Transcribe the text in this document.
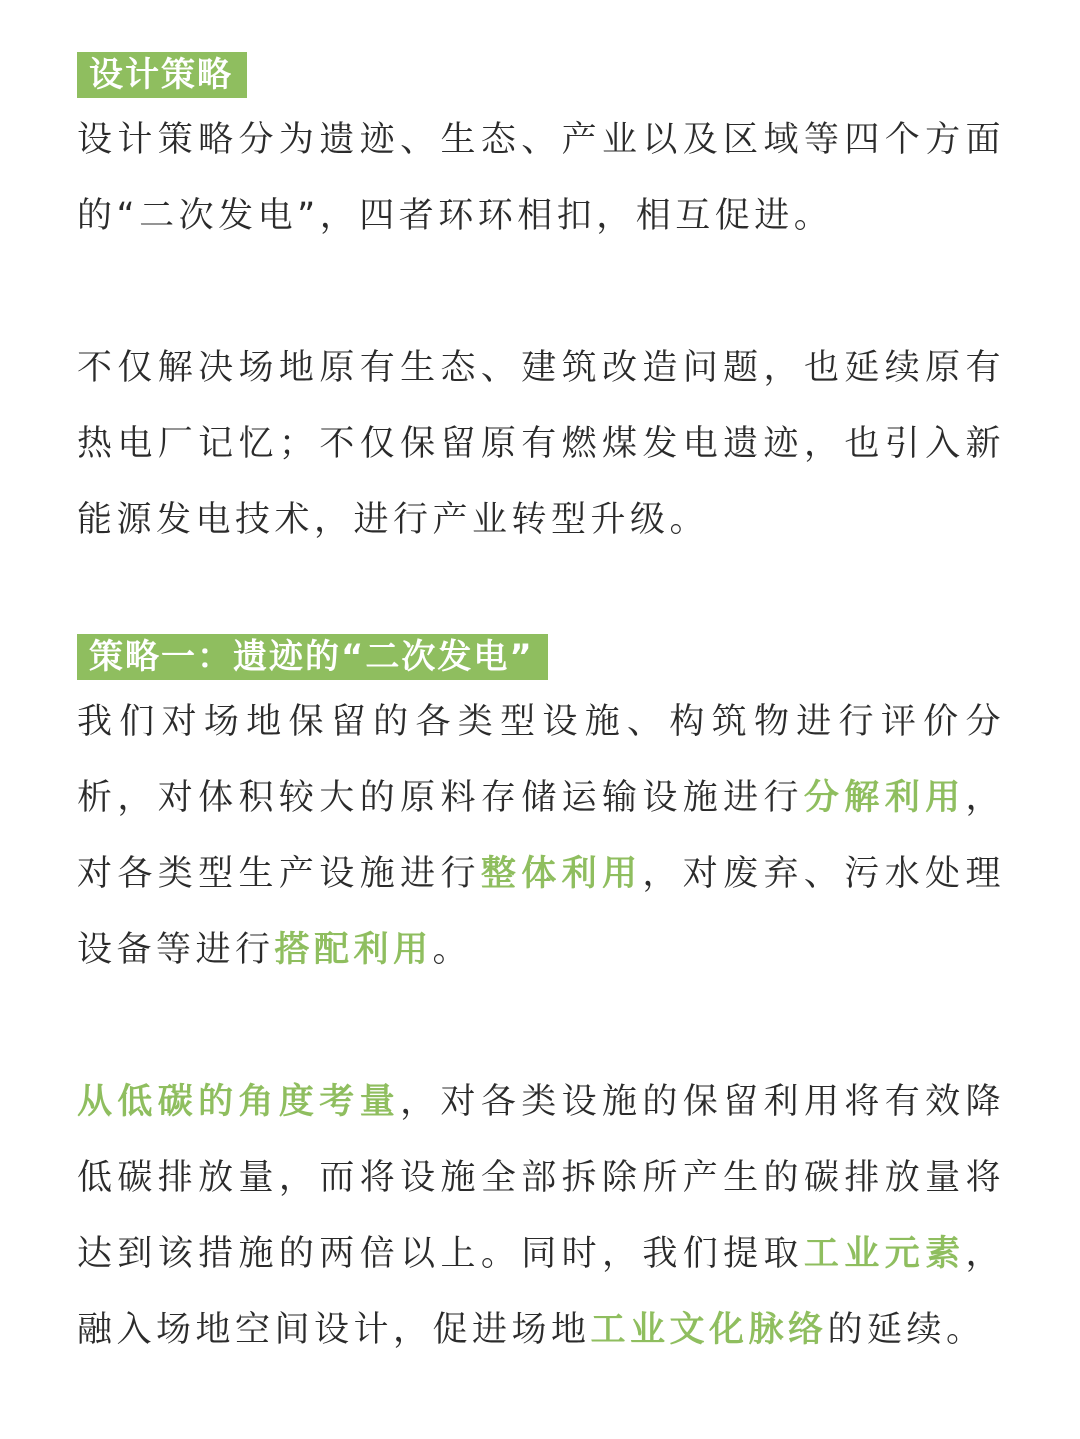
设计策略

设计策略分为遗迹、生态、产业以及区域等四个方面的“二次发电”，四者环环相扣，相互促进。

不仅解决场地原有生态、建筑改造问题，也延续原有热电厂记忆；不仅保留原有燃煤发电遗迹，也引入新能源发电技术，进行产业转型升级。

策略一：遗迹的“二次发电”

我们对场地保留的各类型设施、构筑物进行评价分析，对体积较大的原料存储运输设施进行分解利用，对各类型生产设施进行整体利用，对废弃、污水处理设备等进行搭配利用。

从低碳的角度考量，对各类设施的保留利用将有效降低碳排放量，而将设施全部拆除所产生的碳排放量将达到该措施的两倍以上。同时，我们提取工业元素，融入场地空间设计，促进场地工业文化脉络的延续。
